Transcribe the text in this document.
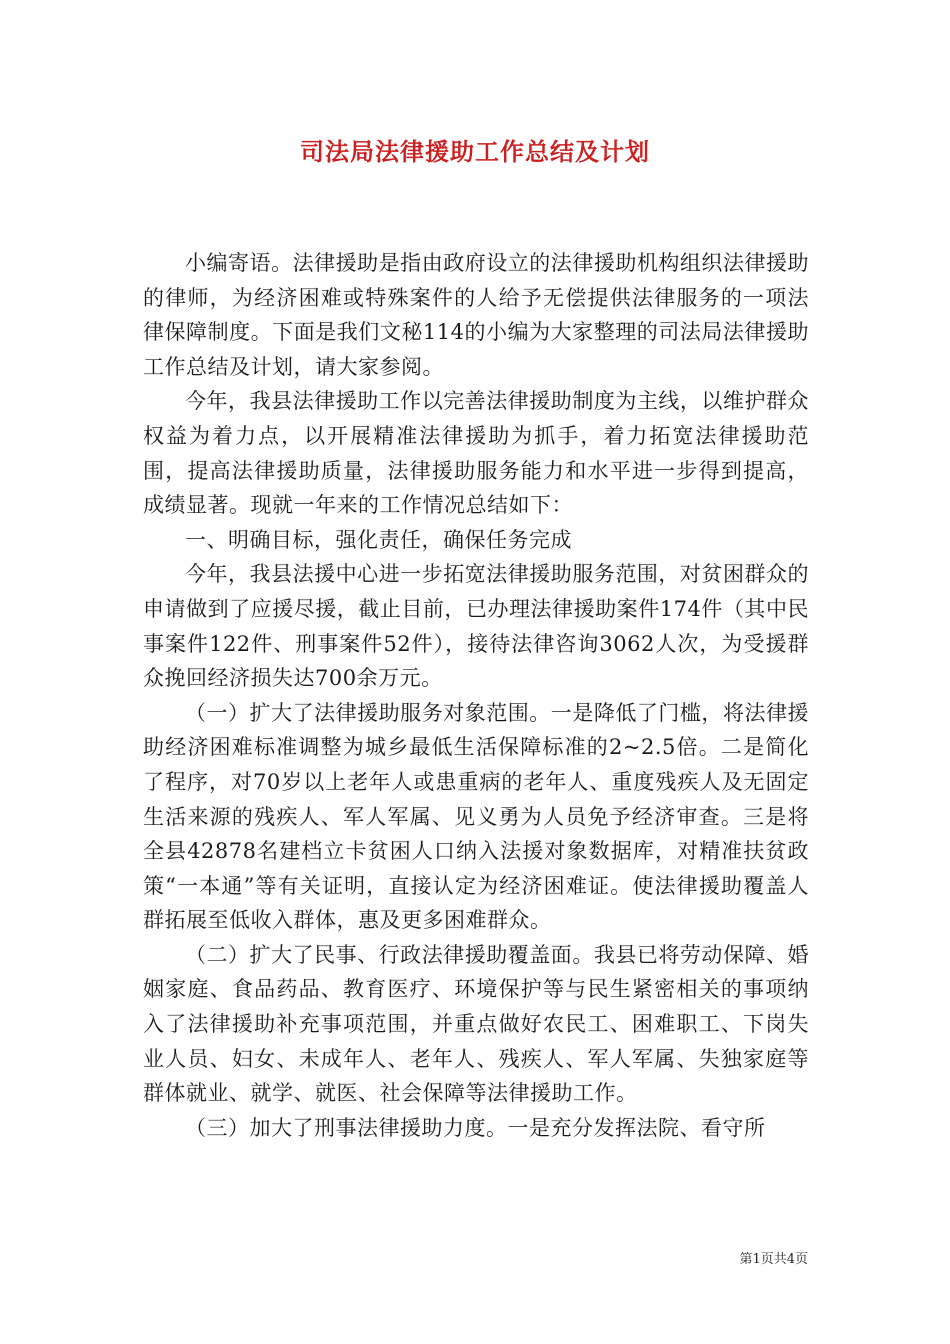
司法局法律援助工作总结及计划

小编寄语。法律援助是指由政府设立的法律援助机构组织法律援助的律师，为经济困难或特殊案件的人给予无偿提供法律服务的一项法律保障制度。下面是我们文秘114的小编为大家整理的司法局法律援助工作总结及计划，请大家参阅。

今年，我县法律援助工作以完善法律援助制度为主线，以维护群众权益为着力点，以开展精准法律援助为抓手，着力拓宽法律援助范围，提高法律援助质量，法律援助服务能力和水平进一步得到提高，成绩显著。现就一年来的工作情况总结如下：

一、明确目标，强化责任，确保任务完成

今年，我县法援中心进一步拓宽法律援助服务范围，对贫困群众的申请做到了应援尽援，截止目前，已办理法律援助案件174件（其中民事案件122件、刑事案件52件），接待法律咨询3062人次，为受援群众挽回经济损失达700余万元。

（一）扩大了法律援助服务对象范围。一是降低了门槛，将法律援助经济困难标准调整为城乡最低生活保障标准的2~2.5倍。二是简化了程序，对70岁以上老年人或患重病的老年人、重度残疾人及无固定生活来源的残疾人、军人军属、见义勇为人员免予经济审查。三是将全县42878名建档立卡贫困人口纳入法援对象数据库，对精准扶贫政策“一本通”等有关证明，直接认定为经济困难证。使法律援助覆盖人群拓展至低收入群体，惠及更多困难群众。

（二）扩大了民事、行政法律援助覆盖面。我县已将劳动保障、婚姻家庭、食品药品、教育医疗、环境保护等与民生紧密相关的事项纳入了法律援助补充事项范围，并重点做好农民工、困难职工、下岗失业人员、妇女、未成年人、老年人、残疾人、军人军属、失独家庭等群体就业、就学、就医、社会保障等法律援助工作。

（三）加大了刑事法律援助力度。一是充分发挥法院、看守所

第1页共4页
